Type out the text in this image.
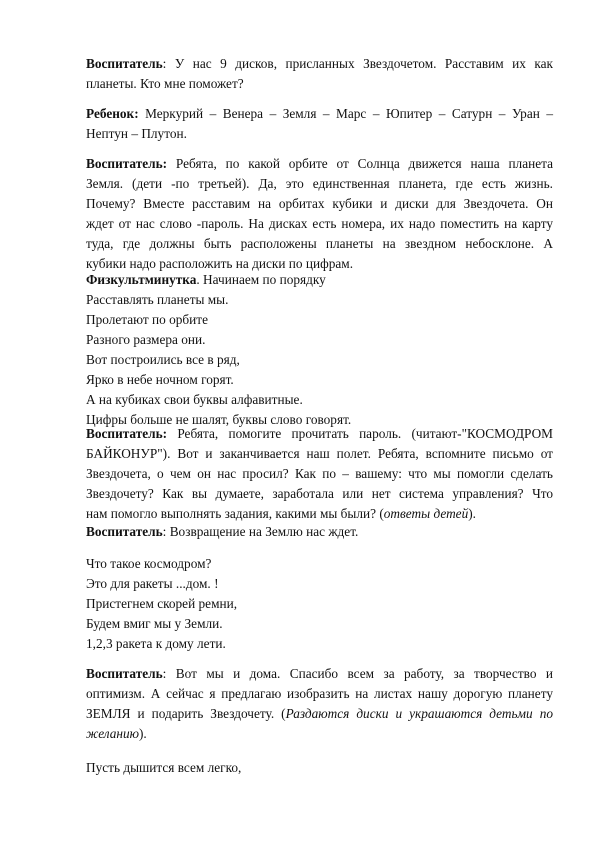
Воспитатель: У нас 9 дисков, присланных Звездочетом. Расставим их как
планеты. Кто мне поможет?
Ребенок: Меркурий – Венера – Земля – Марс – Юпитер – Сатурн – Уран –
Нептун – Плутон.
Воспитатель: Ребята, по какой орбите от Солнца движется наша планета
Земля. (дети -по третьей). Да, это единственная планета, где есть жизнь.
Почему? Вместе расставим на орбитах кубики и диски для Звездочета. Он
ждет от нас слово -пароль. На дисках есть номера, их надо поместить на карту
туда, где должны быть расположены планеты на звездном небосклоне. А
кубики надо расположить на диски по цифрам.
Физкультминутка. Начинаем по порядку
Расставлять планеты мы.
Пролетают по орбите
Разного размера они.
Вот построились все в ряд,
Ярко в небе ночном горят.
А на кубиках свои буквы алфавитные.
Цифры больше не шалят, буквы слово говорят.
Воспитатель: Ребята, помогите прочитать пароль. (читают-"КОСМОДРОМ
БАЙКОНУР"). Вот и заканчивается наш полет. Ребята, вспомните письмо от
Звездочета, о чем он нас просил? Как по – вашему: что мы помогли сделать
Звездочету? Как вы думаете, заработала или нет система управления? Что
нам помогло выполнять задания, какими мы были? (ответы детей).
Воспитатель: Возвращение на Землю нас ждет.
Что такое космодром?
Это для ракеты ...дом. !
Пристегнем скорей ремни,
Будем вмиг мы у Земли.
1,2,3 ракета к дому лети.
Воспитатель: Вот мы и дома. Спасибо всем за работу, за творчество и
оптимизм. А сейчас я предлагаю изобразить на листах нашу дорогую планету
ЗЕМЛЯ и подарить Звездочету. (Раздаются диски и украшаются детьми по
желанию).
Пусть дышится всем легко,
